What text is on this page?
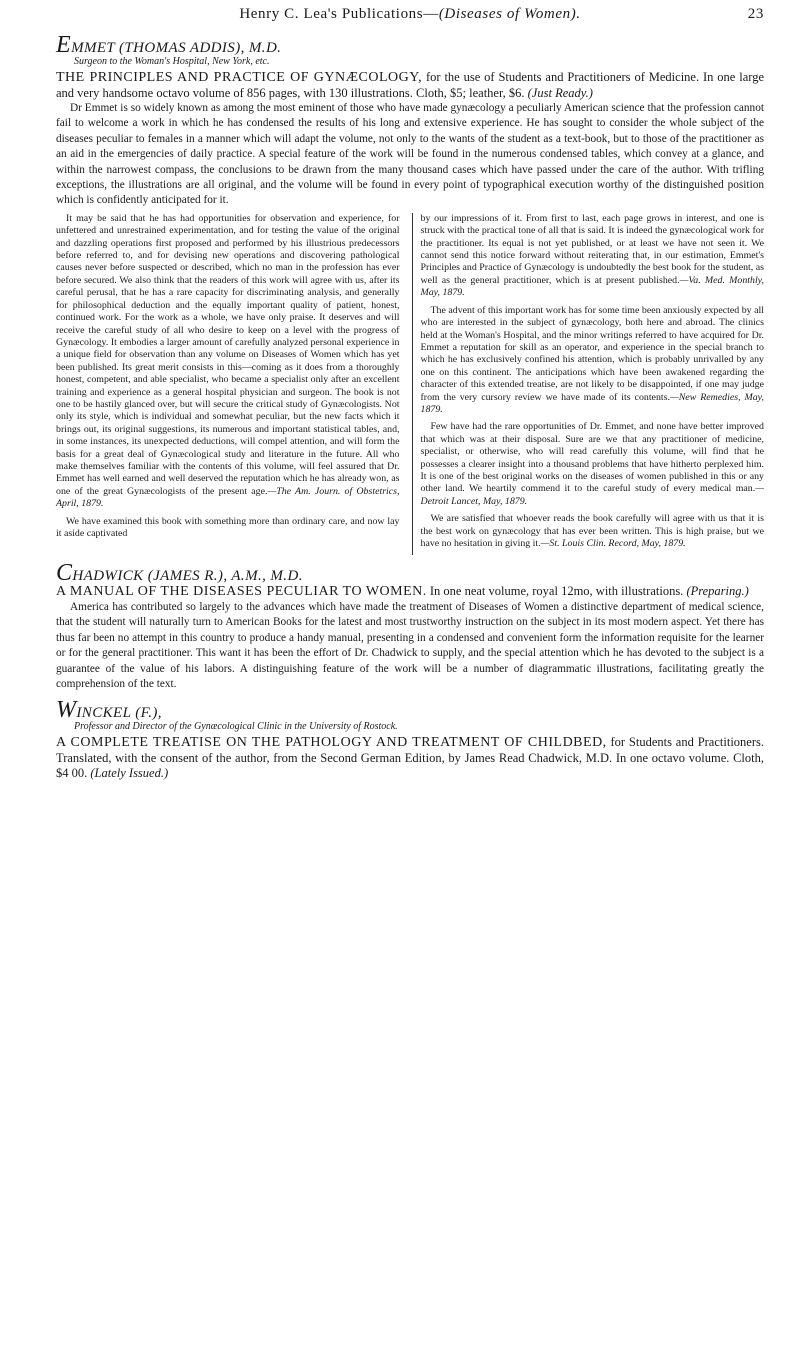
Henry C. Lea's Publications—(Diseases of Women).	23

EMMET (THOMAS ADDIS), M.D.

Surgeon to the Woman's Hospital, New York, etc.

THE PRINCIPLES AND PRACTICE OF GYNÆCOLOGY, for the use of Students and Practitioners of Medicine. In one large and very handsome octavo volume of 856 pages, with 130 illustrations. Cloth, $5; leather, $6. (Just Ready.)

Dr Emmet is so widely known as among the most eminent of those who have made gynæcology a peculiarly American science that the profession cannot fail to welcome a work in which he has condensed the results of his long and extensive experience. He has sought to consider the whole subject of the diseases peculiar to females in a manner which will adapt the volume, not only to the wants of the student as a text-book, but to those of the practitioner as an aid in the emergencies of daily practice. A special feature of the work will be found in the numerous condensed tables, which convey at a glance, and within the narrowest compass, the conclusions to be drawn from the many thousand cases which have passed under the care of the author. With trifling exceptions, the illustrations are all original, and the volume will be found in every point of typographical execution worthy of the distinguished position which is confidently anticipated for it.

It may be said that he has had opportunities for observation and experience, for unfettered and unrestrained experimentation, and for testing the value of the original and dazzling operations first proposed and performed by his illustrious predecessors before referred to, and for devising new operations and discovering pathological causes never before suspected or described, which no man in the profession has ever before secured. We also think that the readers of this work will agree with us, after its careful perusal, that he has a rare capacity for discriminating analysis, and generally for philosophical deduction and the equally important quality of patient, honest, continued work. For the work as a whole, we have only praise. It deserves and will receive the careful study of all who desire to keep on a level with the progress of Gynæcology. It embodies a larger amount of carefully analyzed personal experience in a unique field for observation than any volume on Diseases of Women which has yet been published. Its great merit consists in this—coming as it does from a thoroughly honest, competent, and able specialist, who became a specialist only after an excellent training and experience as a general hospital physician and surgeon. The book is not one to be hastily glanced over, but will secure the critical study of Gynæcologists. Not only its style, which is individual and somewhat peculiar, but the new facts which it brings out, its original suggestions, its numerous and important statistical tables, and, in some instances, its unexpected deductions, will compel attention, and will form the basis for a great deal of Gynæcological study and literature in the future. All who make themselves familiar with the contents of this volume, will feel assured that Dr. Emmet has well earned and well deserved the reputation which he has already won, as one of the great Gynæcologists of the present age.—The Am. Journ. of Obstetrics, April, 1879.

We have examined this book with something more than ordinary care, and now lay it aside captivated

by our impressions of it. From first to last, each page grows in interest, and one is struck with the practical tone of all that is said. It is indeed the gynæcological work for the practitioner. Its equal is not yet published, or at least we have not seen it. We cannot send this notice forward without reiterating that, in our estimation, Emmet's Principles and Practice of Gynæcology is undoubtedly the best book for the student, as well as the general practitioner, which is at present published.—Va. Med. Monthly, May, 1879.

The advent of this important work has for some time been anxiously expected by all who are interested in the subject of gynæcology, both here and abroad. The clinics held at the Woman's Hospital, and the minor writings referred to have acquired for Dr. Emmet a reputation for skill as an operator, and experience in the special branch to which he has exclusively confined his attention, which is probably unrivalled by any one on this continent. The anticipations which have been awakened regarding the character of this extended treatise, are not likely to be disappointed, if one may judge from the very cursory review we have made of its contents.—New Remedies, May, 1879.

Few have had the rare opportunities of Dr. Emmet, and none have better improved that which was at their disposal. Sure are we that any practitioner of medicine, specialist, or otherwise, who will read carefully this volume, will find that he possesses a clearer insight into a thousand problems that have hitherto perplexed him. It is one of the best original works on the diseases of women published in this or any other land. We heartily commend it to the careful study of every medical man.—Detroit Lancet, May, 1879.

We are satisfied that whoever reads the book carefully will agree with us that it is the best work on gynæcology that has ever been written. This is high praise, but we have no hesitation in giving it.—St. Louis Clin. Record, May, 1879.

CHADWICK (JAMES R.), A.M., M.D.

A MANUAL OF THE DISEASES PECULIAR TO WOMEN. In one neat volume, royal 12mo, with illustrations. (Preparing.)

America has contributed so largely to the advances which have made the treatment of Diseases of Women a distinctive department of medical science, that the student will naturally turn to American Books for the latest and most trustworthy instruction on the subject in its most modern aspect. Yet there has thus far been no attempt in this country to produce a handy manual, presenting in a condensed and convenient form the information requisite for the learner or for the general practitioner. This want it has been the effort of Dr. Chadwick to supply, and the special attention which he has devoted to the subject is a guarantee of the value of his labors. A distinguishing feature of the work will be a number of diagrammatic illustrations, facilitating greatly the comprehension of the text.

WINCKEL (F.),

Professor and Director of the Gynæcological Clinic in the University of Rostock.

A COMPLETE TREATISE ON THE PATHOLOGY AND TREATMENT OF CHILDBED, for Students and Practitioners. Translated, with the consent of the author, from the Second German Edition, by James Read Chadwick, M.D. In one octavo volume. Cloth, $4 00. (Lately Issued.)
